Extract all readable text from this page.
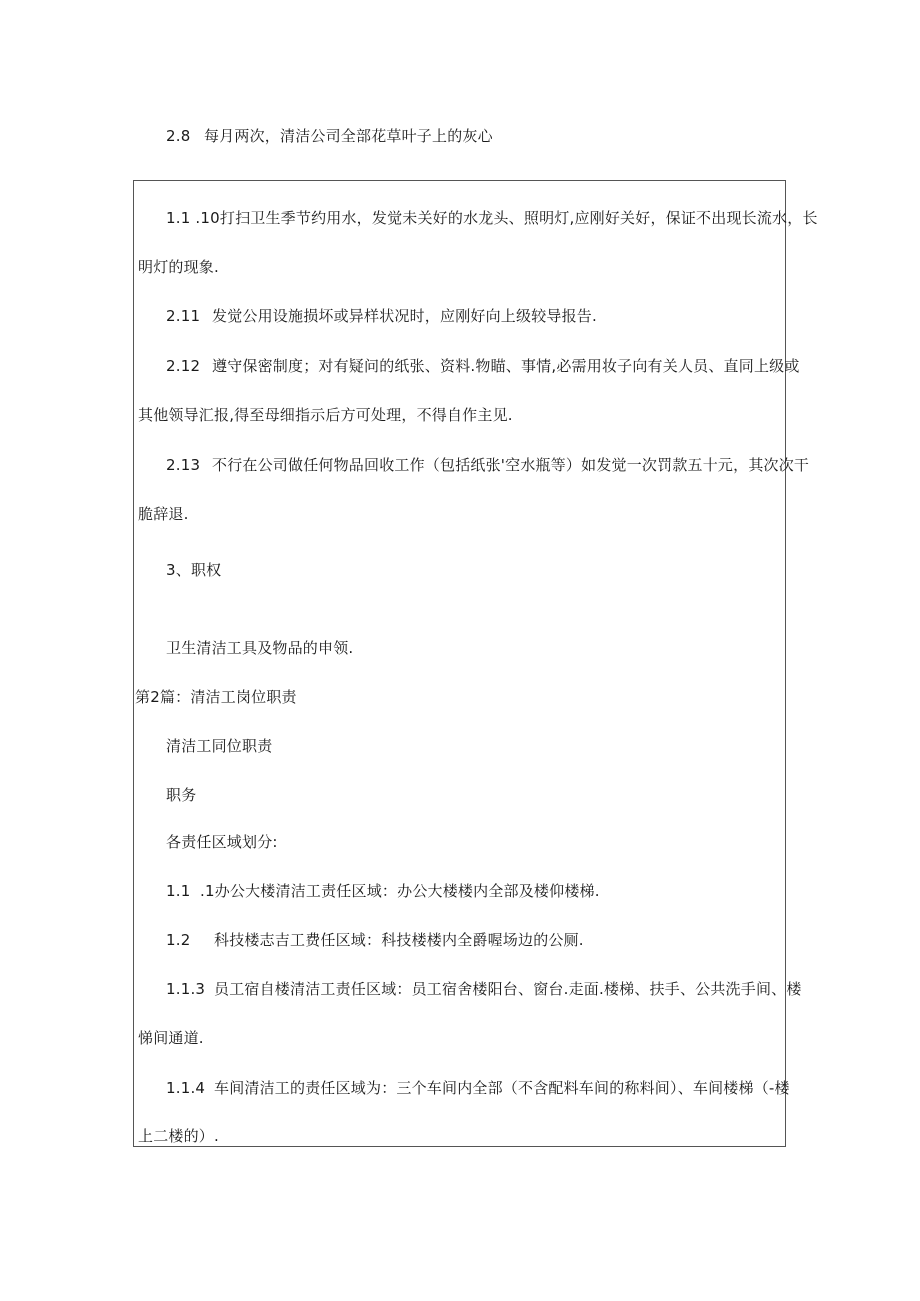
2.8 每月两次，清洁公司全部花草叶子上的灰心
1.1 .10打扫卫生季节约用水，发觉未关好的水龙头、照明灯,应刚好关好，保证不出现长流水，长
明灯的现象.
2.11 发觉公用设施损坏或异样状况时，应刚好向上级较导报告.
2.12 遵守保密制度；对有疑问的纸张、资料.物瞄、事情,必需用妆子向有关人员、直同上级或
其他领导汇报,得至母细指示后方可处理，不得自作主见.
2.13 不行在公司做任何物品回收工作（包括纸张'空水瓶等）如发觉一次罚款五十元，其次次干
脆辞退.
3、职权
卫生清洁工具及物品的申领.
第2篇：清洁工岗位职责
清洁工同位职责
职务
各责任区域划分:
1.1 .1办公大楼清洁工责任区域：办公大楼楼内全部及楼仰楼梯.
1.2 科技楼志吉工费任区域：科技楼楼内全爵喔场边的公厕.
1.1.3 员工宿自楼清洁工责任区域：员工宿舍楼阳台、窗台.走面.楼梯、扶手、公共洗手间、楼
悌间通道.
1.1.4 车间清洁工的责任区域为：三个车间内全部（不含配料车间的称料间）、车间楼梯（-楼
上二楼的）.
